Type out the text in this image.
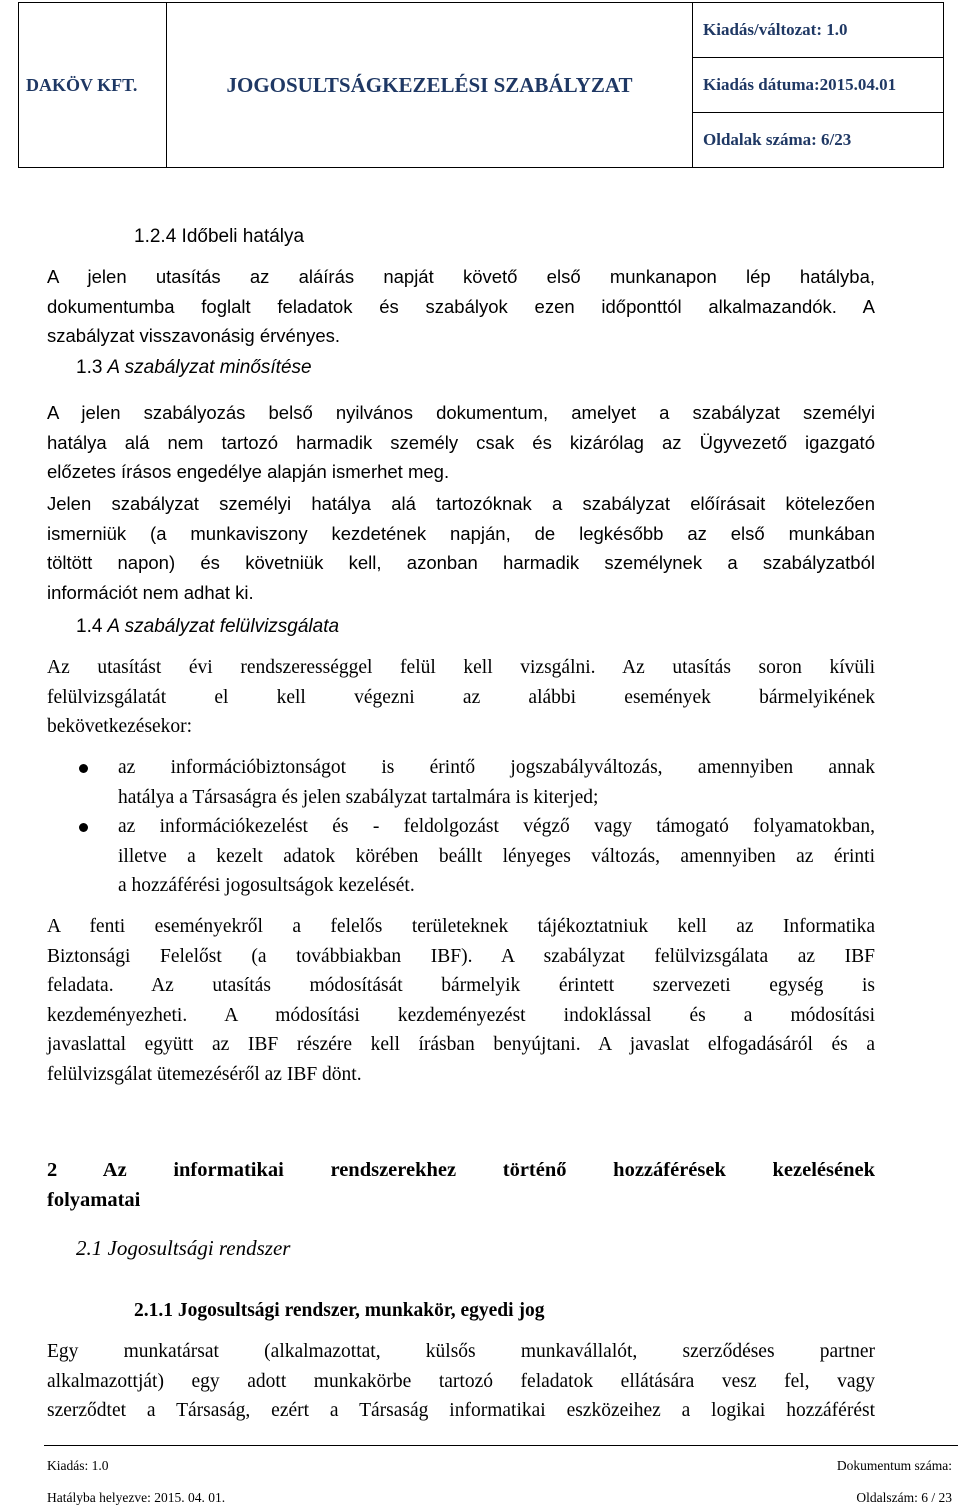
DAKÖV KFT.	JOGOSULTSÁGKEZELÉSI SZABÁLYZAT	Kiadás/változat: 1.0
Kiadás dátuma:2015.04.01
Oldalak száma: 6/23
1.2.4 Időbeli hatálya
A jelen utasítás az aláírás napját követő első munkanapon lép hatályba,
dokumentumba foglalt feladatok és szabályok ezen időponttól alkalmazandók. A
szabályzat visszavonásig érvényes.
1.3 A szabályzat minősítése
A jelen szabályozás belső nyilvános dokumentum, amelyet a szabályzat személyi
hatálya alá nem tartozó harmadik személy csak és kizárólag az Ügyvezető igazgató
előzetes írásos engedélye alapján ismerhet meg.
Jelen szabályzat személyi hatálya alá tartozóknak a szabályzat előírásait kötelezően
ismerniük (a munkaviszony kezdetének napján, de legkésőbb az első munkában
töltött napon) és követniük kell, azonban harmadik személynek a szabályzatból
információt nem adhat ki.
1.4 A szabályzat felülvizsgálata
Az utasítást évi rendszerességgel felül kell vizsgálni. Az utasítás soron kívüli
felülvizsgálatát el kell végezni az alábbi események bármelyikének
bekövetkezésekor:
az információbiztonságot is érintő jogszabályváltozás, amennyiben annak
hatálya a Társaságra és jelen szabályzat tartalmára is kiterjed;
az információkezelést és - feldolgozást végző vagy támogató folyamatokban,
illetve a kezelt adatok körében beállt lényeges változás, amennyiben az érinti
a hozzáférési jogosultságok kezelését.
A fenti eseményekről a felelős területeknek tájékoztatniuk kell az Informatika
Biztonsági Felelőst (a továbbiakban IBF). A szabályzat felülvizsgálata az IBF
feladata. Az utasítás módosítását bármelyik érintett szervezeti egység is
kezdeményezheti. A módosítási kezdeményezést indoklással és a módosítási
javaslattal együtt az IBF részére kell írásban benyújtani. A javaslat elfogadásáról és a
felülvizsgálat ütemezéséről az IBF dönt.
2 Az informatikai rendszerekhez történő hozzáférések kezelésének
folyamatai
2.1 Jogosultsági rendszer
2.1.1 Jogosultsági rendszer, munkakör, egyedi jog
Egy munkatársat (alkalmazottat, külsős munkavállalót, szerződéses partner
alkalmazottját) egy adott munkakörbe tartozó feladatok ellátására vesz fel, vagy
szerződtet a Társaság, ezért a Társaság informatikai eszközeihez a logikai hozzáférést
Kiadás: 1.0	Dokumentum száma:
Hatályba helyezve: 2015. 04. 01.	Oldalszám: 6 / 23
